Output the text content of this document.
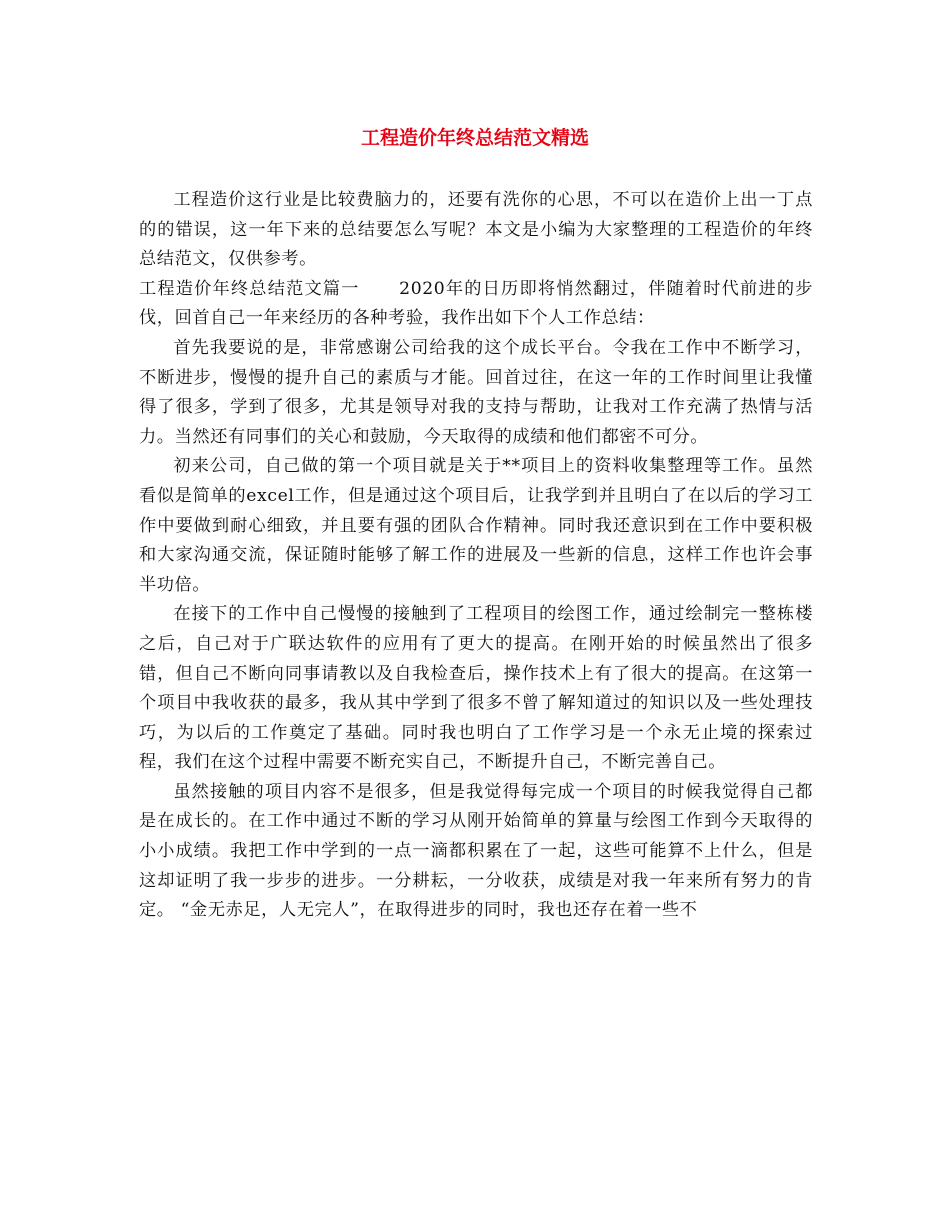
工程造价年终总结范文精选

工程造价这行业是比较费脑力的，还要有洗你的心思，不可以在造价上出一丁点的的错误，这一年下来的总结要怎么写呢？本文是小编为大家整理的工程造价的年终总结范文，仅供参考。

工程造价年终总结范文篇一 2020年的日历即将悄然翻过，伴随着时代前进的步伐，回首自己一年来经历的各种考验，我作出如下个人工作总结：

首先我要说的是，非常感谢公司给我的这个成长平台。令我在工作中不断学习，不断进步，慢慢的提升自己的素质与才能。回首过往，在这一年的工作时间里让我懂得了很多，学到了很多，尤其是领导对我的支持与帮助，让我对工作充满了热情与活力。当然还有同事们的关心和鼓励，今天取得的成绩和他们都密不可分。

初来公司，自己做的第一个项目就是关于**项目上的资料收集整理等工作。虽然看似是简单的excel工作，但是通过这个项目后，让我学到并且明白了在以后的学习工作中要做到耐心细致，并且要有强的团队合作精神。同时我还意识到在工作中要积极和大家沟通交流，保证随时能够了解工作的进展及一些新的信息，这样工作也许会事半功倍。

在接下的工作中自己慢慢的接触到了工程项目的绘图工作，通过绘制完一整栋楼之后，自己对于广联达软件的应用有了更大的提高。在刚开始的时候虽然出了很多错，但自己不断向同事请教以及自我检查后，操作技术上有了很大的提高。在这第一个项目中我收获的最多，我从其中学到了很多不曾了解知道过的知识以及一些处理技巧，为以后的工作奠定了基础。同时我也明白了工作学习是一个永无止境的探索过程，我们在这个过程中需要不断充实自己，不断提升自己，不断完善自己。

虽然接触的项目内容不是很多，但是我觉得每完成一个项目的时候我觉得自己都是在成长的。在工作中通过不断的学习从刚开始简单的算量与绘图工作到今天取得的小小成绩。我把工作中学到的一点一滴都积累在了一起，这些可能算不上什么，但是这却证明了我一步步的进步。一分耕耘，一分收获，成绩是对我一年来所有努力的肯定。 “金无赤足，人无完人”，在取得进步的同时，我也还存在着一些不
